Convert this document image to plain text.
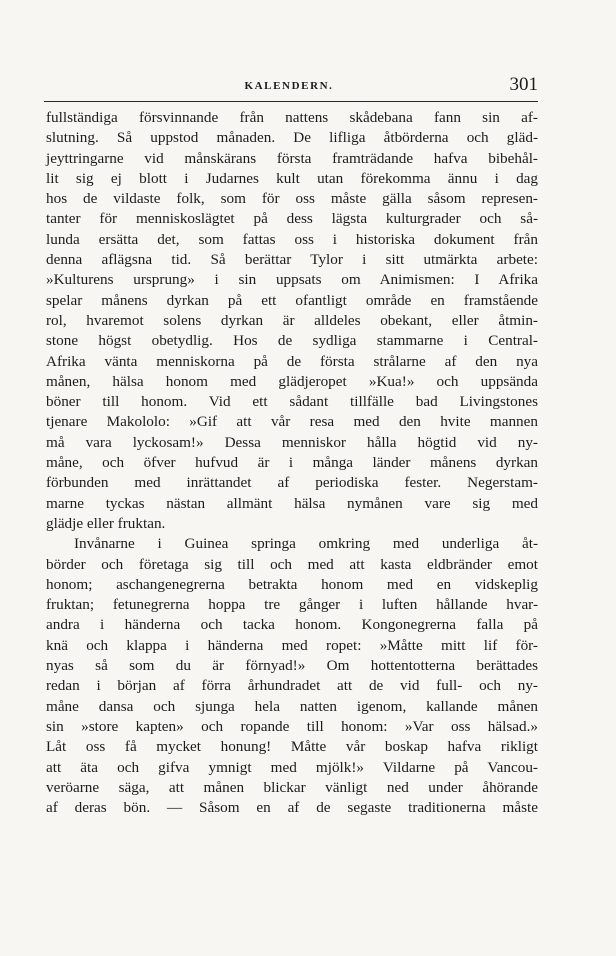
KALENDERN.	301
fullständiga försvinnande från nattens skådebana fann sin af-
slutning. Så uppstod månaden. De lifliga åtbörderna och gläd-
jeyttringarne vid månskärans första framträdande hafva bibehål-
lit sig ej blott i Judarnes kult utan förekomma ännu i dag
hos de vildaste folk, som för oss måste gälla såsom represen-
tanter för menniskoslägtet på dess lägsta kulturgrader och så-
lunda ersätta det, som fattas oss i historiska dokument från
denna aflägsna tid. Så berättar Tylor i sitt utmärkta arbete:
»Kulturens ursprung» i sin uppsats om Animismen: I Afrika
spelar månens dyrkan på ett ofantligt område en framstående
rol, hvaremot solens dyrkan är alldeles obekant, eller åtmin-
stone högst obetydlig. Hos de sydliga stammarne i Central-
Afrika vänta menniskorna på de första strålarne af den nya
månen, hälsa honom med glädjeropet »Kua!» och uppsända
böner till honom. Vid ett sådant tillfälle bad Livingstones
tjenare Makololo: »Gif att vår resa med den hvite mannen
må vara lyckosam!» Dessa menniskor hålla högtid vid ny-
måne, och öfver hufvud är i många länder månens dyrkan
förbunden med inrättandet af periodiska fester. Negerstam-
marne tyckas nästan allmänt hälsa nymånen vare sig med
glädje eller fruktan.
Invånarne i Guinea springa omkring med underliga åt-
börder och företaga sig till och med att kasta eldbränder emot
honom; aschangenegrerna betrakta honom med en vidskeplig
fruktan; fetunegrerna hoppa tre gånger i luften hållande hvar-
andra i händerna och tacka honom. Kongonegrerna falla på
knä och klappa i händerna med ropet: »Måtte mitt lif för-
nyas så som du är förnyad!» Om hottentotterna berättades
redan i början af förra århundradet att de vid full- och ny-
måne dansa och sjunga hela natten igenom, kallande månen
sin »store kapten» och ropande till honom: »Var oss hälsad.»
Låt oss få mycket honung! Måtte vår boskap hafva rikligt
att äta och gifva ymnigt med mjölk!» Vildarne på Vancou-
veröarne säga, att månen blickar vänligt ned under åhörande
af deras bön. — Såsom en af de segaste traditionerna måste
